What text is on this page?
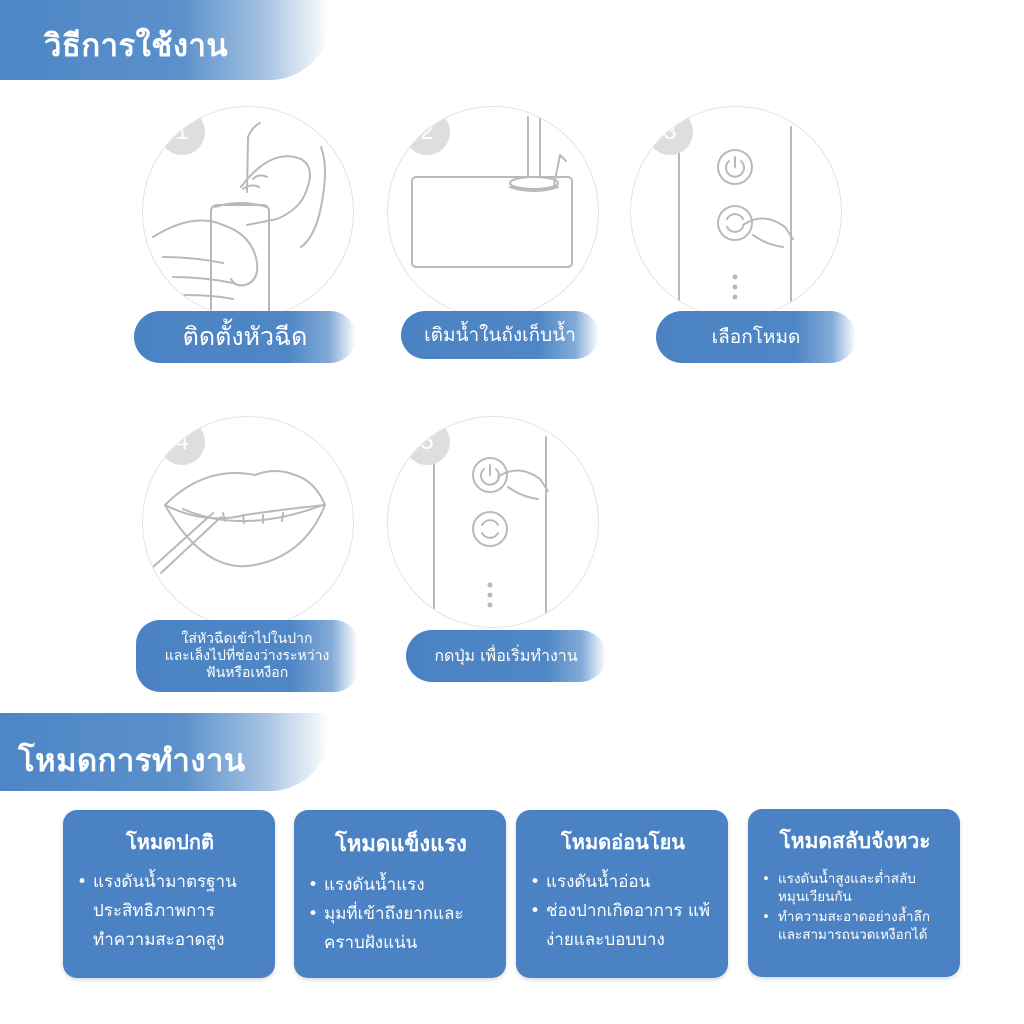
วิธีการใช้งาน
1
ติดตั้งหัวฉีด
2
เติมน้ำในถังเก็บน้ำ
3
เลือกโหมด
4
ใส่หัวฉีดเข้าไปในปาก
และเล็งไปที่ช่องว่างระหว่าง
ฟันหรือเหงือก
5
กดปุ่ม เพื่อเริ่มทำงาน
โหมดการทำงาน
โหมดปกติ
• แรงดันน้ำมาตรฐาน ประสิทธิภาพการ ทำความสะอาดสูง
โหมดแข็งแรง
• แรงดันน้ำแรง
• มุมที่เข้าถึงยากและ คราบฝังแน่น
โหมดอ่อนโยน
• แรงดันน้ำอ่อน
• ช่องปากเกิดอาการ แพ้ง่ายและบอบบาง
โหมดสลับจังหวะ
• แรงดันน้ำสูงและต่ำสลับ หมุนเวียนกัน
• ทำความสะอาดอย่างล้ำลึก และสามารถนวดเหงือกได้
